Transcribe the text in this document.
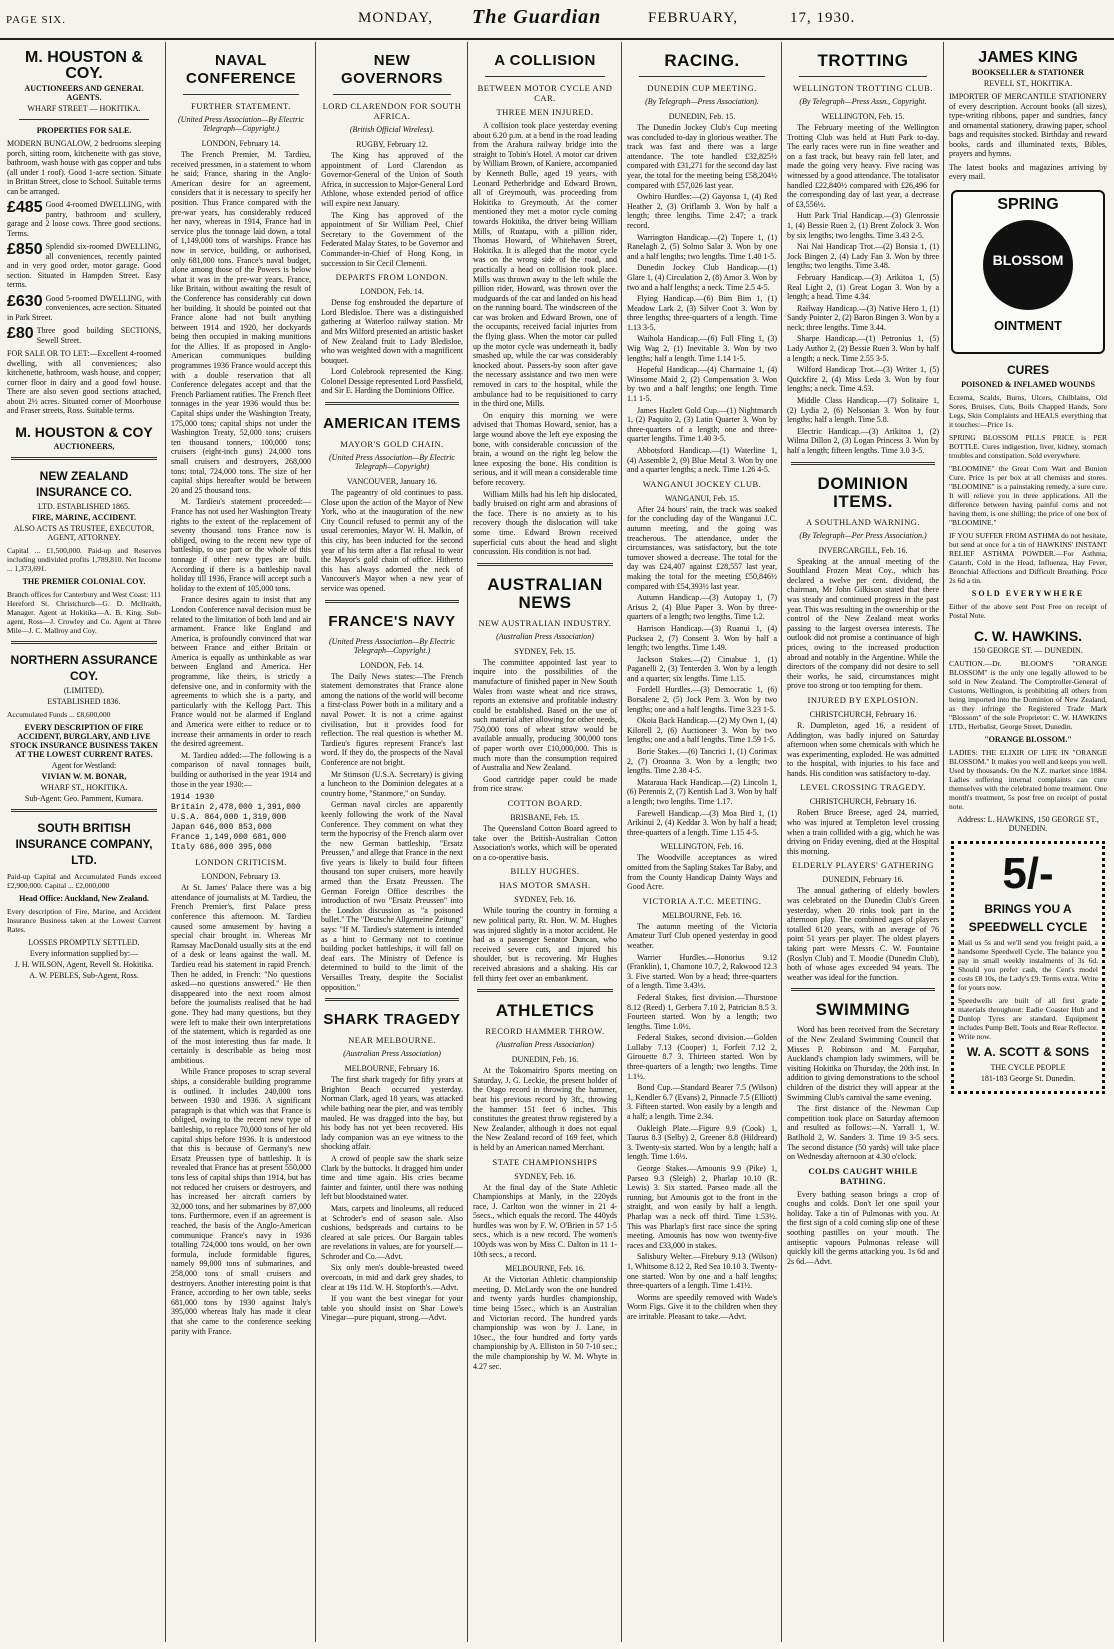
PAGE SIX.	MONDAY, The Guardian	FEBRUARY,	17, 1930.
M. HOUSTON & COY.
AUCTIONEERS AND GENERAL AGENTS.
WHARF STREET — HOKITIKA.
PROPERTIES FOR SALE.
MODERN BUNGALOW, 2 bedrooms sleeping porch, sitting room, kitchenette with gas stove, bathroom, wash house with gas copper and tubs (all under 1 roof). Good 1-acre section. Situate in Brittan Street, close to School. Suitable terms can be arranged.
£485 Good 4-roomed DWELLING, with pantry, bathroom and scullery, garage and 2 loose cows. Three good sections. Terms.
£850 Splendid six-roomed DWELLING, all conveniences, recently painted and in very good order, motor garage. Good section. Situated in Hampden Street. Easy terms.
£630 Good 5-roomed DWELLING, with conveniences, acre section. Situated in Park Street.
£80 Three good building SECTIONS, Sewell Street.
FOR SALE OR TO LET:—Excellent 4-roomed dwelling, with all conveniences; also kitchenette, bathroom, wash house, and copper; corner floor in dairy and a good fowl house. There are also seven good sections attached, about 2½ acres. Situated corner of Moorhouse and Fraser streets, Ross. Suitable terms.
M. HOUSTON & COY
AUCTIONEERS,
NEW ZEALAND INSURANCE CO.
LTD. ESTABLISHED 1865.
FIRE, MARINE, ACCIDENT.
ALSO ACTS AS TRUSTEE, EXECUTOR, AGENT, ATTORNEY.
Capital ... £1,500,000. Paid-up and Reserves including undivided profits 1,789,810. Net Income ... 1,373,691.
THE PREMIER COLONIAL COY.
Branch offices for Canterbury and West Coast: 111 Hereford St. Christchurch—G. D. McIlraith, Manager. Agent at Hokitika—A. B. King. Sub-agent, Ross—J. Crowley and Co. Agent at Three Mile—J. C. Mallroy and Coy.
NORTHERN ASSURANCE COY.
(LIMITED).
ESTABLISHED 1836.
Accumulated Funds ... £8,600,000
EVERY DESCRIPTION OF FIRE ACCIDENT, BURGLARY, AND LIVE STOCK INSURANCE BUSINESS TAKEN AT THE LOWEST CURRENT RATES.
Agent for Westland:
VIVIAN W. M. BONAR,
WHARF ST., HOKITIKA.
Sub-Agent: Geo. Pamment, Kumara.
SOUTH BRITISH INSURANCE COMPANY, LTD.
Paid-up Capital and Accumulated Funds exceed £2,900,000. Capital ... £2,000,000
Head Office: Auckland, New Zealand.
Every description of Fire, Marine, and Accident Insurance Business taken at the Lowest Current Rates.
LOSSES PROMPTLY SETTLED.
Every information supplied by:—
J. H. WILSON, Agent, Revell St. Hokitika.
A. W. PEBLES, Sub-Agent, Ross.
NAVAL CONFERENCE
FURTHER STATEMENT.
(United Press Association—By Electric Telegraph—Copyright.)
LONDON, February 14.

The French Premier, M. Tardieu, received pressmen, in a statement to whom he said; France, sharing in the Anglo-American desire for an agreement, considers that it is necessary to specify her position. Thus France compared with the pre-war years, has considerably reduced her navy, whereas in 1914, France had in service plus the tonnage laid down, a total of 1,149,000 tons of warships. France has now in service, building, or authorised, only 681,000 tons. France's naval budget, alone among those of the Powers is below what it was in the pre-war years. France, like Britain, without awaiting the result of the Conference has considerably cut down her building. It should be pointed out that France alone had not built anything between 1914 and 1920, her dockyards being then occupied in making munitions for the Allies. If as proposed in Anglo-American communiques building programmes 1936 France would accept this with a double reservation that all Conference delegates accept and that the French Parliament ratifies. The French fleet tonnages in the year 1936 would thus be: Capital ships under the Washington Treaty, 175,000 tons; capital ships not under the Washington Treaty, 52,000 tons; cruisers ten thousand tonners, 100,000 tons; cruisers (eight-inch guns) 24,000 tons small cruisers and destroyers, 268,000 tons; total, 724,000 tons. The size of her capital ships hereafter would be between 20 and 25 thousand tons.

M. Tardieu's statement proceeded:—France has not used her Washington Treaty rights to the extent of the replacement of seventy thousand tons France now is obliged, owing to the recent new type of battleship, to use part or the whole of this tonnage if other new types are built. According if there is a battleship naval holiday till 1936, France will accept such a holiday to the extent of 105,000 tons.

France desires again to insist that any London Conference naval decision must be related to the limitation of both land and air armament. France like England and America, is profoundly convinced that war between France and either Britain or America is equally as unthinkable as war between England and America. Her programme, like theirs, is strictly a defensive one, and in conformity with the agreements to which she is a party, and particularly with the Kellogg Pact. This France would not be alarmed if England and America were either to reduce or to increase their armaments in order to reach the desired agreement.

M. Tardieu added:—The following is a comparison of naval tonnages built, building or authorised in the year 1914 and those in the year 1930:—

1914 1930
Britain 2,478,000 1,391,000
U.S.A. 864,000 1,319,000
Japan 646,000 853,000
France 1,149,000 681,000
Italy 686,000 395,000
LONDON CRITICISM.
LONDON, February 13.

At St. James' Palace there was a big attendance of journalists at M. Tardieu, the French Premier's, first Palace press conference this afternoon. M. Tardieu caused some amusement by having a special chair brought in. Whereas Mr Ramsay MacDonald usually sits at the end of a desk or leans against the wall. M. Tardieu read his statement in rapid French. Then he added, in French: "No questions asked—no questions answered." He then disappeared into the next room almost before the journalists realised that he had gone. They had many questions, but they were left to make their own interpretations of the statement, which is regarded as one of the most interesting thus far made. It certainly is describable as being most ambitious.

While France proposes to scrap several ships, a considerable building programme is outlined. It includes 240,000 tons between 1930 and 1936. A significant paragraph is that which was that France is obliged, owing to the recent new type of battleship, to replace 70,000 tons of her old capital ships before 1936. It is understood that this is because of Germany's new Ersatz Preussen type of battleship. It is revealed that France has at present 550,000 tons less of capital ships than 1914, but has not reduced her cruisers or destroyers, and has increased her aircraft carriers by 32,000 tons, and her submarines by 87,000 tons. Furthermore, even if an agreement is reached, the basis of the Anglo-American communique France's navy in 1936 totalling 724,000 tons would, on her own formula, include formidable figures, namely 99,000 tons of submarines, and 258,000 tons of small cruisers and destroyers. Another interesting point is that France, according to her own table, seeks 681,000 tons by 1930 against Italy's 395,000 whereas Italy has made it clear that she came to the conference seeking parity with France.

NEW GOVERNORS
LORD CLARENDON FOR SOUTH AFRICA.
(British Official Wireless).
RUGBY, February 12.

The King has approved of the appointment of Lord Clarendon as Governor-General of the Union of South Africa, in succession to Major-General Lord Athlone, whose extended period of office will expire next January.

The King has approved of the appointment of Sir William Peel, Chief Secretary to the Government of the Federated Malay States, to be Governor and Commander-in-Chief of Hong Kong, in succession to Sir Cecil Clementi.

DEPARTS FROM LONDON.
LONDON, Feb. 14.

Dense fog enshrouded the departure of Lord Bledisloe. There was a distinguished gathering at Waterloo railway station. Mr and Mrs Wilford presented an artistic basket of New Zealand fruit to Lady Bledisloe, who was weighted down with a magnificent bouquet.

Lord Colebrook represented the King. Colonel Dessige represented Lord Passfield, and Sir E. Harding the Dominions Office.

AMERICAN ITEMS
MAYOR'S GOLD CHAIN.
(United Press Association—By Electric Telegraph—Copyright)
VANCOUVER, January 16.

The pageantry of old continues to pass. Close upon the action of the Mayor of New York, who at the inauguration of the new City Council refused to permit any of the usual ceremonies, Mayor W. H. Malkin, of this city, has been inducted for the second year of his term after a flat refusal to wear the Mayor's gold chain of office. Hitherto this has always adorned the neck of Vancouver's Mayor when a new year of service was opened.

FRANCE'S NAVY
(United Press Association—By Electric Telegraph—Copyright.)
LONDON, Feb. 14.

The Daily News states:—The French statement demonstrates that France alone among the nations of the world will become a first-class Power both in a military and a naval Power. It is not a crime against civilisation, but it provides food for reflection. The real question is whether M. Tardieu's figures represent France's last word. If they do, the prospects of the Naval Conference are not bright.

Mr Stimson (U.S.A. Secretary) is giving a luncheon to the Dominion delegates at a country home, "Stanmore," on Sunday.

German naval circles are apparently keenly following the work of the Naval Conference. They comment on what they term the hypocrisy of the French alarm over the new German battleship, "Ersatz Preussen," and allege that France in the next five years is likely to build four fifteen thousand ton super cruisers, more heavily armed than the Ersatz Preussen. The German Foreign Office describes the introduction of two "Ersatz Preussen" into the London discussion as "a poisoned bullet." The "Deutsche Allgemeine Zeitung" says: "If M. Tardieu's statement is intended as a hint to Germany not to continue building pocket battleships, it will fall on deaf ears. The Ministry of Defence is determined to build to the limit of the Versailles Treaty, despite the Socialist opposition."

SHARK TRAGEDY
NEAR MELBOURNE.
(Australian Press Association)
MELBOURNE, February 16.

The first shark tragedy for fifty years at Brighton Beach occurred yesterday. Norman Clark, aged 18 years, was attacked while bathing near the pier, and was terribly mauled. He was dragged into the bay, but his body has not yet been recovered. His lady companion was an eye witness to the shocking affair.

A crowd of people saw the shark seize Clark by the buttocks. It dragged him under time and time again. His cries became fainter and fainter, until there was nothing left but bloodstained water.

Mats, carpets and linoleums, all reduced at Schroder's end of season sale. Also cushions, bedspreads and curtains to be cleared at sale prices. Our Bargain tables are revelations in values, are for yourself.—Schroder and Co.—Advt.

Six only men's double-breasted tweed overcoats, in mid and dark grey shades, to clear at 19s 11d. W. H. Stopforth's.—Advt.

If you want the best vinegar for your table you should insist on Shar Lowe's Vinegar—pure piquant, strong.—Advt.

A COLLISION
BETWEEN MOTOR CYCLE AND CAR.
THREE MEN INJURED.

A collision took place yesterday evening about 6.20 p.m. at a bend in the road leading from the Arahura railway bridge into the straight to Tobin's Hotel. A motor car driven by William Brown, of Kaniere, accompanied by Kenneth Bulle, aged 19 years, with Leonard Petherbridge and Edward Brown, all of Greymouth, was proceeding from Hokitika to Greymouth. At the corner mentioned they met a motor cycle coming towards Hokitika, the driver being William Mills, of Ruatapu, with a pillion rider, Thomas Howard, of Whitehaven Street, Hokitika. It is alleged that the motor cycle was on the wrong side of the road, and practically a head on collision took place. Mills was thrown away to the left while the pillion rider, Howard, was thrown over the mudguards of the car and landed on his head on the running board. The windscreen of the car was broken and Edward Brown, one of the occupants, received facial injuries from the flying glass. When the motor car pulled up the motor cycle was underneath it, badly smashed up, while the car was considerably knocked about. Passers-by soon after gave the necessary assistance and two men were removed in cars to the hospital, while the ambulance had to be requisitioned to carry in the third one, Mills.

On enquiry this morning we were advised that Thomas Howard, senior, has a large wound above the left eye exposing the bone, with considerable concussion of the brain, a wound on the right leg below the knee exposing the bone. His condition is serious, and it will mean a considerable time before recovery.

William Mills had his left hip dislocated, badly bruised on right arm and abrasions of the face. There is no anxiety as to his recovery though the dislocation will take some time. Edward Brown received superficial cuts about the head and slight concussion. His condition is not bad.

AUSTRALIAN NEWS
NEW AUSTRALIAN INDUSTRY.
(Australian Press Association)
SYDNEY, Feb. 15.

The committee appointed last year to inquire into the possibilities of the manufacture of finished paper in New South Wales from waste wheat and rice straws, reports an extensive and profitable industry could be established. Based on the use of such material after allowing for other needs, 750,000 tons of wheat straw would be available annually, producing 300,000 tons of paper worth over £10,000,000. This is much more than the consumption required of Australia and New Zealand.

Good cartridge paper could be made from rice straw.

COTTON BOARD.
BRISBANE, Feb. 15.

The Queensland Cotton Board agreed to take over the British-Australian Cotton Association's works, which will be operated on a co-operative basis.

BILLY HUGHES.
HAS MOTOR SMASH.
SYDNEY, Feb. 16.

While touring the country in forming a new political party, Rt. Hon. W. M. Hughes was injured slightly in a motor accident. He had as a passenger Senator Duncan, who received severe cuts, and injured his shoulder, but is recovering. Mr Hughes received abrasions and a shaking. His car fell thirty feet over an embankment.

ATHLETICS
RECORD HAMMER THROW.
(Australian Press Association)
DUNEDIN, Feb. 16.

At the Tokomairiro Sports meeting on Saturday, J. G. Leckie, the present holder of the Otago record in throwing the hammer, beat his previous record by 3ft., throwing the hammer 151 feet 6 inches. This constitutes the greatest throw registered by a New Zealander, although it does not equal the New Zealand record of 169 feet, which is held by an American named Merchant.

STATE CHAMPIONSHIPS
SYDNEY, Feb. 16.

At the final day of the State Athletic Championships at Manly, in the 220yds race, J. Carlton won the winner in 21 4-5secs., which equals the record. The 440yds hurdles was won by F. W. O'Brien in 57 1-5 secs., which is a new record. The women's 100yds was won by Miss C. Dalton in 11 1-10th secs., a record.

MELBOURNE, Feb. 16.

At the Victorian Athletic championship meeting, D. McLardy won the one hundred and twenty yards hurdles championship, time being 15sec., which is an Australian and Victorian record. The hundred yards championship was won by J. Lane, in 10sec., the four hundred and forty yards championship by A. Elliston in 50 7-10 sec.; the mile championship by W. M. Whyte in 4.27 sec.

RACING.
DUNEDIN CUP MEETING.
(By Telegraph—Press Association).
DUNEDIN, Feb. 15.

The Dunedin Jockey Club's Cup meeting was concluded to-day in glorious weather. The track was fast and there was a large attendance. The tote handled £32,825½ compared with £31,271 for the second day last year, the total for the meeting being £58,204½ compared with £57,026 last year.

Owhiro Hurdles:—(2) Gayonsa 1, (4) Red Heather 2, (3) Oriflamb 3. Won by half a length; three lengths. Time 2.47; a track record.

Warrington Handicap.—(2) Topere 1, (1) Ranelagh 2, (5) Solmo Salar 3. Won by one and a half lengths; two lengths. Time 1.40 1-5.

Dunedin Jockey Club Handicap.—(1) Glare 1, (4) Circulation 2, (8) Amor 3. Won by two and a half lengths; a neck. Time 2.5 4-5.

Flying Handicap.—(6) Bim Bim 1, (1) Meadow Lark 2, (3) Silver Coot 3. Won by three lengths; three-quarters of a length. Time 1.13 3-5.

Waihola Handicap.—(6) Full Fling 1, (3) Wig Wag 2, (1) Inevitable 3. Won by two lengths; half a length. Time 1.14 1-5.

Hopeful Handicap.—(4) Charmaine 1, (4) Winsome Maid 2, (2) Compensation 3. Won by two and a half lengths; one length. Time 1.1 1-5.

James Hazlett Gold Cup.—(1) Nightmarch 1, (2) Paquito 2, (3) Latin Quarter 3. Won by three-quarters of a length; one and three-quarter lengths. Time 1.40 3-5.

Abbotsford Handicap.—(1) Waterline 1, (4) Assemble 2, (9) Blue Metal 3. Won by one and a quarter lengths; a neck. Time 1.26 4-5.

WANGANUI JOCKEY CLUB.
WANGANUI, Feb. 15.

After 24 hours' rain, the track was soaked for the concluding day of the Wanganui J.C. autumn meeting, and the going was treacherous. The attendance, under the circumstances, was satisfactory, but the tote turnover showed a decrease. The total for the day was £24,407 against £28,557 last year, making the total for the meeting £50,846½ compared with £54,393½ last year.

Autumn Handicap.—(3) Autopay 1, (7) Arisus 2, (4) Blue Paper 3. Won by three-quarters of a length; two lengths. Time 1.2.

Harrison Handicap.—(3) Ruanui 1, (4) Pucksea 2, (7) Consent 3. Won by half a length; two lengths. Time 1.49.

Jackson Stakes.—(2) Cimabue 1, (1) Paganelli 2, (3) Tenterden 3. Won by a length and a quarter; six lengths. Time 1.15.

Fordell Hurdles.—(3) Democratic 1, (6) Borsalene 2, (5) Jock Pern 3. Won by two lengths; one and a half lengths. Time 3.23 1-5.

Okoia Back Handicap.—(2) My Own 1, (4) Kilorell 2, (6) Auctioneer 3. Won by two lengths; one and a half lengths. Time 1.59 1-5.

Borie Stakes.—(6) Tancrici 1, (1) Corimax 2, (7) Oroanna 3. Won by a length; two lengths. Time 2.38 4-5.

Mataraua Hack Handicap.—(2) Lincoln 1, (6) Perennis 2, (7) Kentish Lad 3. Won by half a length; two lengths. Time 1.17.

Farewell Handicap.—(3) Moa Bird 1, (1) Arikinui 2, (4) Keddar 3. Won by half a head; three-quarters of a length. Time 1.15 4-5.

WELLINGTON, Feb. 16.

The Woodville acceptances as wired omitted from the Sapling Stakes Tar Baby, and from the County Handicap Dainty Ways and Good Acre.

VICTORIA A.T.C. MEETING.
MELBOURNE, Feb. 16.

The autumn meeting of the Victoria Amateur Turf Club opened yesterday in good weather.

Warrier Hurdles.—Honorius 9.12 (Franklin), 1, Chamone 10.7, 2, Rakwood 12.3 3. Five started. Won by a head; three-quarters of a length. Time 3.43½.

Federal Stakes, first division.—Thurstone 8.12 (Reed) 1, Gerbera 7.10 2, Patrician 8.5 3. Fourteen started. Won by a length; two lengths. Time 1.0½.

Federal Stakes, second division.—Golden Lullaby 7.13 (Cooper) 1, Forfeit 7.12 2, Girouette 8.7 3. Thirteen started. Won by three-quarters of a length; two lengths. Time 1.1½.

Bond Cup.—Standard Bearer 7.5 (Wilson) 1, Kendler 6.7 (Evans) 2, Pinnacle 7.5 (Elliott) 3. Fifteen started. Won easily by a length and a half; a length. Time 2.34.

Oakleigh Plate.—Figure 9.9 (Cook) 1, Taurus 8.3 (Selby) 2, Greener 8.8 (Hildreard) 3. Twenty-six started. Won by a length; half a length. Time 1.6½.

George Stakes.—Amounis 9.9 (Pike) 1, Parseo 9.3 (Sleigh) 2, Pharlap 10.10 (R. Lewis) 3. Six started. Parseo made all the running, but Amounis got to the front in the straight, and won easily by half a length. Pharlap was a neck off third. Time 1.53½. This was Pharlap's first race since the spring meeting. Amounis has now won twenty-five races and £33,000 in stakes.

Salisbury Welter.—Firebury 9.13 (Wilson) 1, Whitsome 8.12 2, Red Sea 10.10 3. Twenty-one started. Won by one and a half lengths; three-quarters of a length. Time 1.41½.

Worms are speedily removed with Wade's Worm Figs. Give it to the children when they are irritable. Pleasant to take.—Advt.

TROTTING
WELLINGTON TROTTING CLUB.
(By Telegraph—Press Assn., Copyright.
WELLINGTON, Feb. 15.

The February meeting of the Wellington Trotting Club was held at Hutt Park to-day. The early races were run in fine weather and on a fast track, but heavy rain fell later, and made the going very heavy. Five racing was witnessed by a good attendance. The totalisator handled £22,840½ compared with £26,496 for the corresponding day of last year, a decrease of £3,556½.

Hutt Park Trial Handicap.—(3) Glenrossie 1, (4) Bessie Ruen 2, (1) Brent Zolock 3. Won by six lengths; two lengths. Time 3.43 2-5.

Nai Nai Handicap Trot.—(2) Bonsia 1, (1) Jock Bingen 2, (4) Lady Fan 3. Won by three lengths; two lengths. Time 3.48.

February Handicap.—(3) Arikitoa 1, (5) Real Light 2, (1) Great Logan 3. Won by a length; a head. Time 4.34.

Railway Handicap.—(3) Native Hero 1, (1) Sandy Pointer 2, (2) Baron Bingen 3. Won by a neck; three lengths. Time 3.44.

Sharpe Handicap.—(1) Petronius 1, (5) Lady Author 2, (2) Bessie Ruen 3. Won by half a length; a neck. Time 2.55 3-5.

Wilford Handicap Trot.—(3) Writer 1, (5) Quickfire 2, (4) Miss Leda 3. Won by four lengths; a neck. Time 4.53.

Middle Class Handicap.—(7) Solitaire 1, (2) Lydia 2, (6) Nelsonian 3. Won by four lengths; half a length. Time 5.8.

Electric Handicap.—(3) Arikitoa 1, (2) Wilma Dillon 2, (3) Logan Princess 3. Won by half a length; fifteen lengths. Time 3.0 3-5.

DOMINION ITEMS.
A SOUTHLAND WARNING.
(By Telegraph—Per Press Association.)
INVERCARGILL, Feb. 16.

Speaking at the annual meeting of the Southland Frozen Meat Coy., which has declared a twelve per cent. dividend, the chairman, Mr John Gilkison stated that there was steady and continued progress in the past year. This was resulting in the ownership or the control of the New Zealand meat works passing to the largest oversea interests. The outlook did not promise a continuance of high prices, owing to the increased production abroad and notably in the Argentine. While the directors of the company did not desire to sell their works, he said, circumstances might prove too strong or too tempting for them.

INJURED BY EXPLOSION.
CHRISTCHURCH, February 16.

R. Dumpleton, aged 16, a resident of Addington, was badly injured on Saturday afternoon when some chemicals with which he was experimenting, exploded. He was admitted to the hospital, with injuries to his face and hands. His condition was satisfactory to-day.

LEVEL CROSSING TRAGEDY.
CHRISTCHURCH, February 16.

Robert Bruce Breese, aged 24, married, who was injured at Templeton level crossing when a train collided with a gig, which he was driving on Friday evening, died at the Hospital this morning.

ELDERLY PLAYERS' GATHERING
DUNEDIN, February 16.

The annual gathering of elderly bowlers was celebrated on the Dunedin Club's Green yesterday, when 20 rinks took part in the afternoon play. The combined ages of players totalled 6120 years, with an average of 76 point 51 years per player. The oldest players taking part were Messrs C. W. Fountaine (Roslyn Club) and T. Moodie (Dunedin Club), both of whose ages exceeded 94 years. The weather was ideal for the function.

SWIMMING

Word has been received from the Secretary of the New Zealand Swimming Council that Misses P. Robinson and M. Farquhar, Auckland's champion lady swimmers, will be visiting Hokitika on Thursday, the 20th inst. In addition to giving demonstrations to the school children of the district they will appear at the Swimming Club's carnival the same evening.

The first distance of the Newman Cup competition took place on Saturday afternoon and resulted as follows:—N. Yarrall 1, W. Batlhold 2, W. Sanders 3. Time 19 3-5 secs. The second distance (50 yards) will take place on Wednesday afternoon at 4.30 o'clock.

COLDS CAUGHT WHILE BATHING.

Every bathing season brings a crop of coughs and colds. Don't let one spoil your holiday. Take a tin of Pulmonas with you. At the first sign of a cold coming slip one of these soothing pastilles on your mouth. The antiseptic vapours Pulmonas release will quickly kill the germs attacking you. 1s 6d and 2s 6d.—Advt.

JAMES KING
BOOKSELLER & STATIONER
REVELL ST., HOKITIKA.
IMPORTER OF MERCANTILE STATIONERY of every description. Account books (all sizes), type-writing ribbons, paper and sundries, fancy and ornamental stationery, drawing paper, school bags and requisites stocked. Birthday and reward books, cards and illuminated texts, Bibles, prayers and hymns.
The latest books and magazines arriving by every mail.
SPRING
BLOSSOM
OINTMENT
CURES
POISONED & INFLAMED WOUNDS
Eczema, Scalds, Burns, Ulcers, Chilblains, Old Sores, Bruises, Cuts, Boils Chapped Hands, Sore Legs, Skin Complaints and HEALS everything that it touches:—Price 1s.
SPRING BLOSSOM PILLS PRICE is PER BOTTLE. Cures indigestion, liver, kidney, stomach troubles and constipation. Sold everywhere.
"BLOOMINE" the Great Corn Wart and Bunion Cure. Price 1s per box at all chemists and stores. "BLOOMINE" is a painstaking remedy, a sure cure. It will relieve you in three applications. All the difference between having painful corns and not having them, is one shilling; the price of one box of "BLOOMINE."
IF YOU SUFFER FROM ASTHMA do not hesitate, but send at once for a tin of HAWKINS' INSTANT RELIEF ASTHMA POWDER.—For Asthma, Catarrh, Cold in the Head, Influenza, Hay Fever, Bronchial Affections and Difficult Breathing. Price 2s 6d a tin.
SOLD EVERYWHERE
Either of the above sent Post Free on receipt of Postal Note.
C. W. HAWKINS.
150 GEORGE ST. — DUNEDIN.
CAUTION.—Dr. BLOOM'S "ORANGE BLOSSOM" is the only one legally allowed to be sold in New Zealand. The Comptroller-General of Customs, Wellington, is prohibiting all others from being imported into the Dominion of New Zealand, as they infringe the Registered Trade Mark "Blossom" of the sole Proprietor: C. W. HAWKINS LTD., Herbalist, George Street, Dunedin.
"ORANGE BLOSSOM."
LADIES: THE ELIXIR OF LIFE IN "ORANGE BLOSSOM." It makes you well and keeps you well. Used by thousands. On the N.Z. market since 1884. Ladies suffering internal complaints can cure themselves with the celebrated home treatment. One month's treatment, 5s post free on receipt of postal note.
Address: L. HAWKINS, 150 GEORGE ST., DUNEDIN.
5/-
BRINGS YOU A
SPEEDWELL CYCLE
Mail us 5s and we'll send you freight paid, a handsome Speedwell Cycle. The balance you pay in small weekly instalments of 3s 6d. Should you prefer cash, the Cent's model costs £8 10s, the Lady's £9. Terms extra. Write for yours now.
Speedwells are built of all first grade materials throughout: Eadie Coaster Hub and Dunlop Tyres are standard. Equipment includes Pump Bell, Tools and Rear Reflector. Write now.
W. A. SCOTT & SONS
THE CYCLE PEOPLE
181-183 George St. Dunedin.
